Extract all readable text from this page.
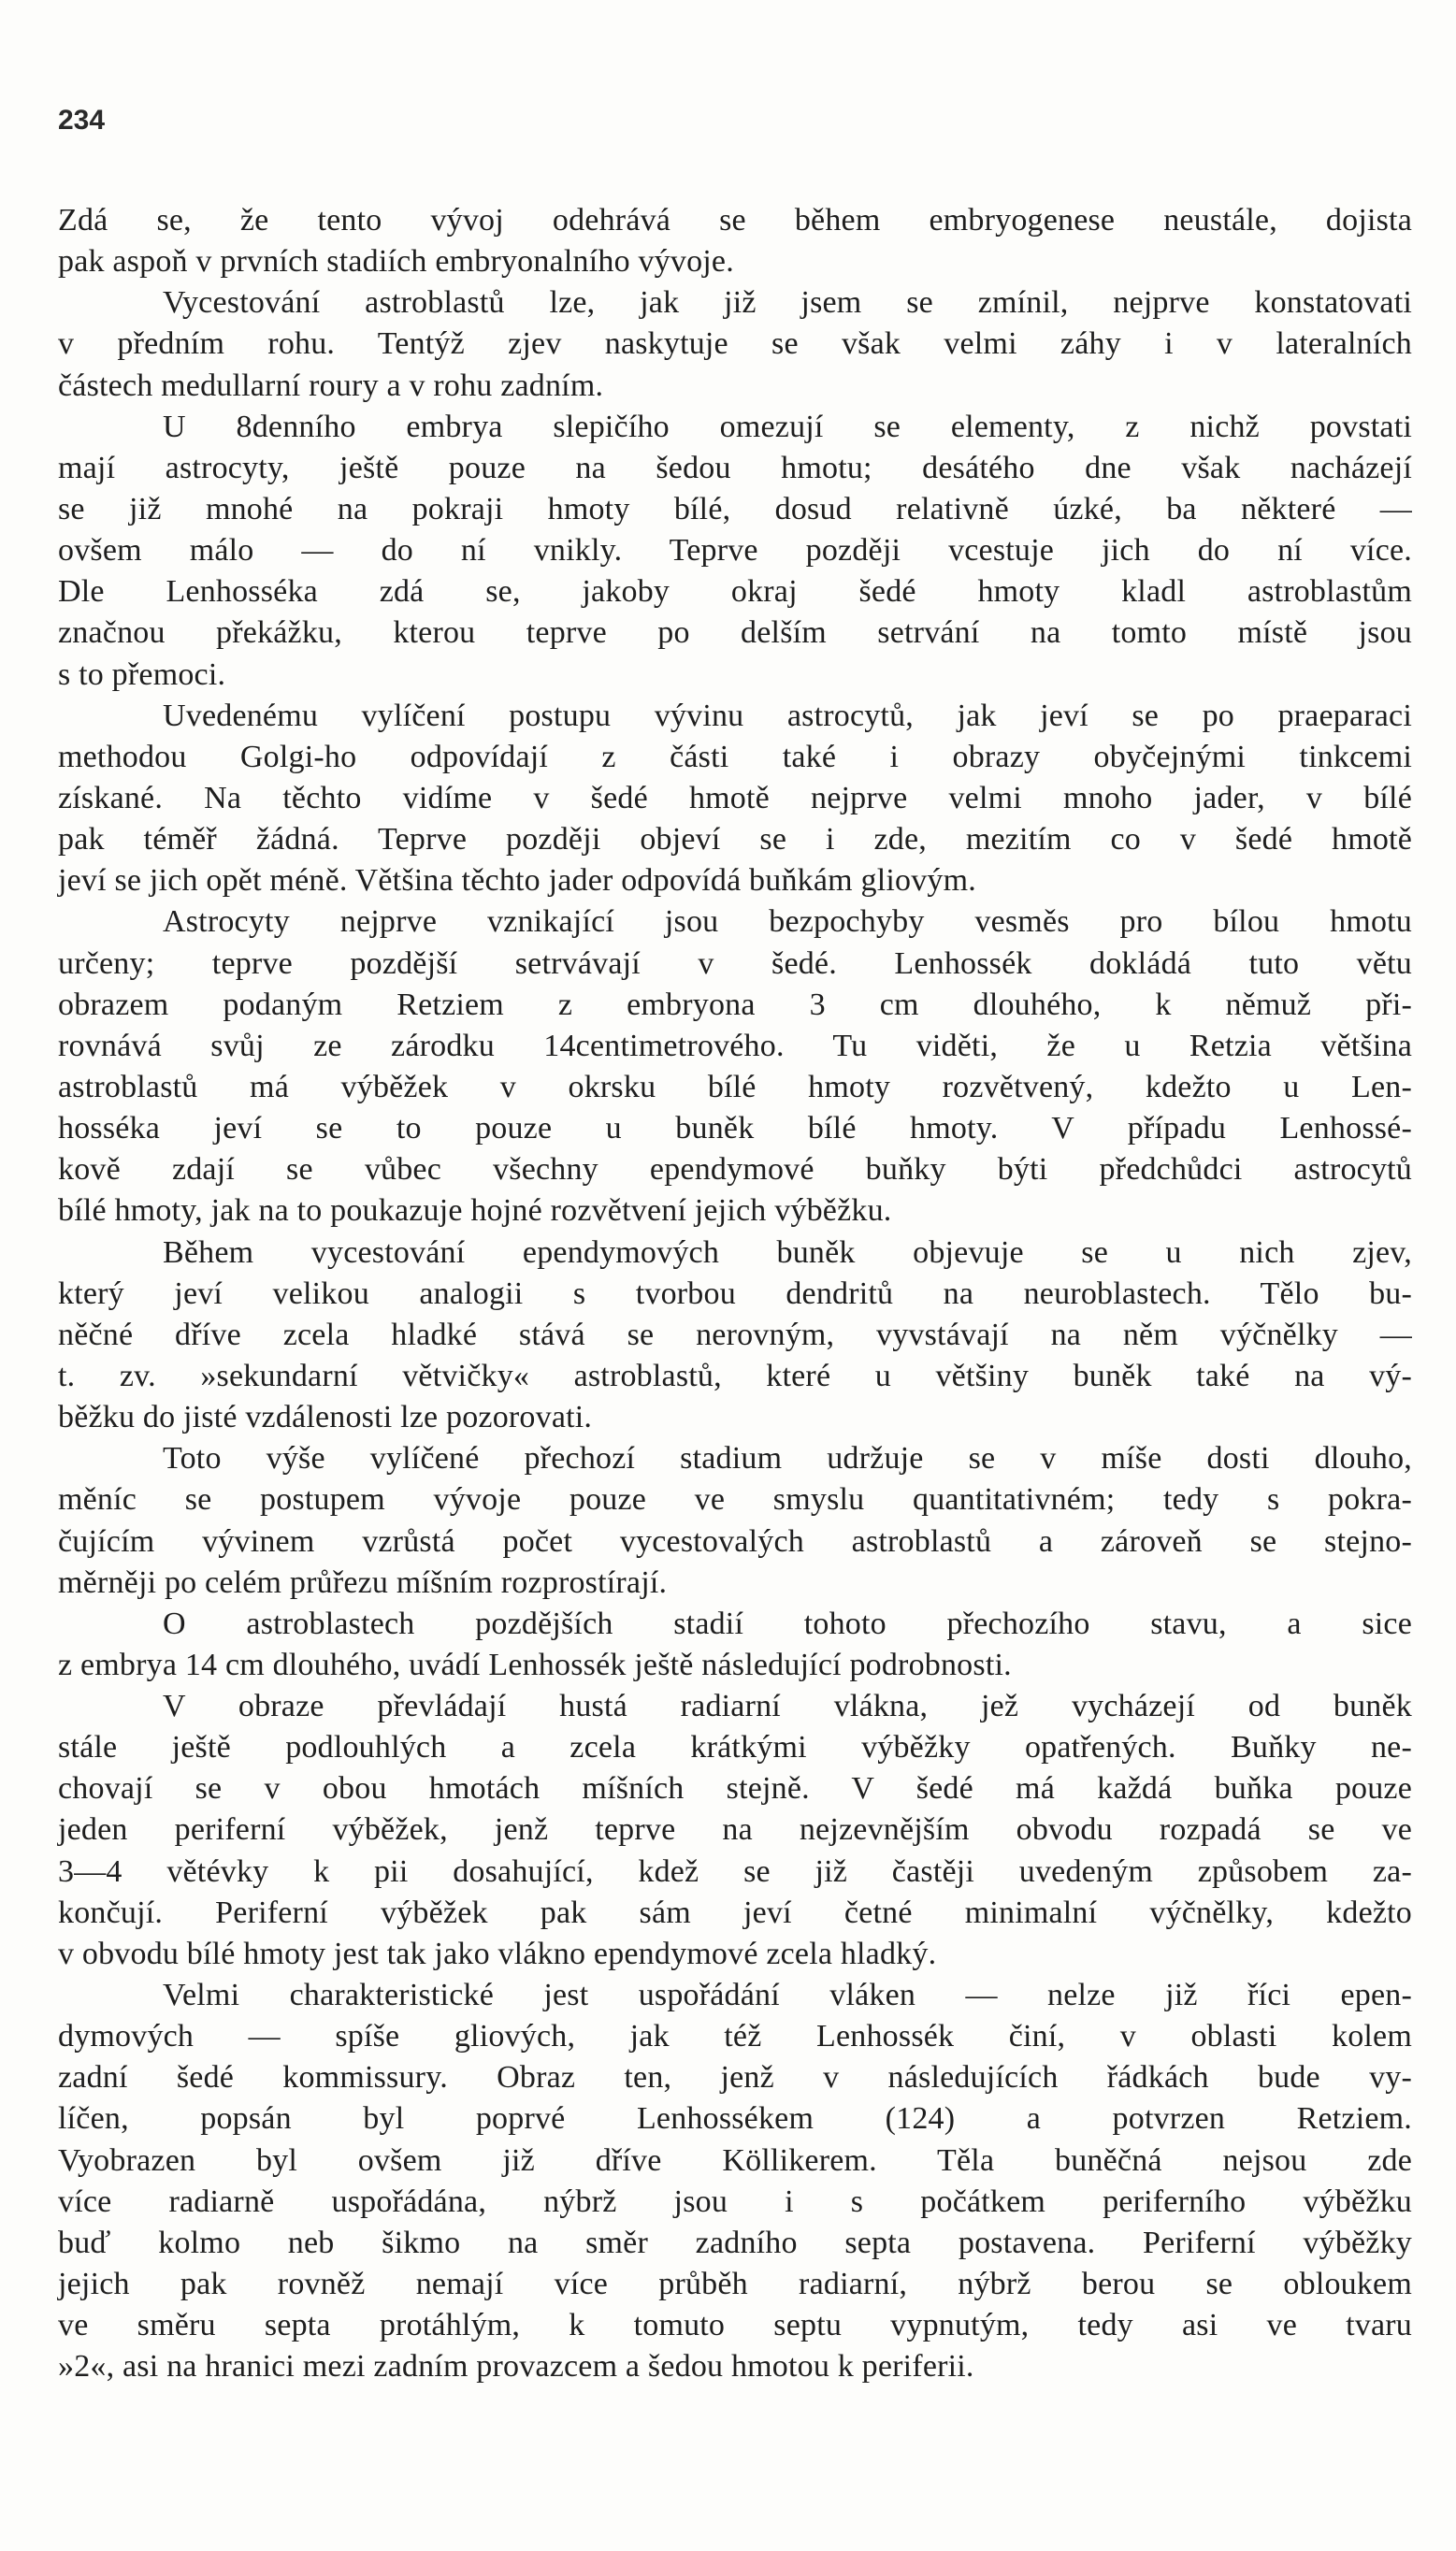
234
Zdá se, že tento vývoj odehrává se během embryogenese neustále, dojista
pak aspoň v prvních stadiích embryonalního vývoje.
Vycestování astroblastů lze, jak již jsem se zmínil, nejprve konstatovati
v předním rohu. Tentýž zjev naskytuje se však velmi záhy i v lateralních
částech medullarní roury a v rohu zadním.
U 8denního embrya slepičího omezují se elementy, z nichž povstati
mají astrocyty, ještě pouze na šedou hmotu; desátého dne však nacházejí
se již mnohé na pokraji hmoty bílé, dosud relativně úzké, ba některé —
ovšem málo — do ní vnikly. Teprve později vcestuje jich do ní více.
Dle Lenhosséka zdá se, jakoby okraj šedé hmoty kladl astroblastům
značnou překážku, kterou teprve po delším setrvání na tomto místě jsou
s to přemoci.
Uvedenému vylíčení postupu vývinu astrocytů, jak jeví se po praeparaci
methodou Golgi-ho odpovídají z části také i obrazy obyčejnými tinkcemi
získané. Na těchto vidíme v šedé hmotě nejprve velmi mnoho jader, v bílé
pak téměř žádná. Teprve později objeví se i zde, mezitím co v šedé hmotě
jeví se jich opět méně. Většina těchto jader odpovídá buňkám gliovým.
Astrocyty nejprve vznikající jsou bezpochyby vesměs pro bílou hmotu
určeny; teprve pozdější setrvávají v šedé. Lenhossék dokládá tuto větu
obrazem podaným Retziem z embryona 3 cm dlouhého, k němuž při-
rovnává svůj ze zárodku 14centimetrového. Tu viděti, že u Retzia většina
astroblastů má výběžek v okrsku bílé hmoty rozvětvený, kdežto u Len-
hosséka jeví se to pouze u buněk bílé hmoty. V případu Lenhossé-
kově zdají se vůbec všechny ependymové buňky býti předchůdci astrocytů
bílé hmoty, jak na to poukazuje hojné rozvětvení jejich výběžku.
Během vycestování ependymových buněk objevuje se u nich zjev,
který jeví velikou analogii s tvorbou dendritů na neuroblastech. Tělo bu-
něčné dříve zcela hladké stává se nerovným, vyvstávají na něm výčnělky —
t. zv. »sekundarní větvičky« astroblastů, které u většiny buněk také na vý-
běžku do jisté vzdálenosti lze pozorovati.
Toto výše vylíčené přechozí stadium udržuje se v míše dosti dlouho,
měníc se postupem vývoje pouze ve smyslu quantitativném; tedy s pokra-
čujícím vývinem vzrůstá počet vycestovalých astroblastů a zároveň se stejno-
měrněji po celém průřezu míšním rozprostírají.
O astroblastech pozdějších stadií tohoto přechozího stavu, a sice
z embrya 14 cm dlouhého, uvádí Lenhossék ještě následující podrobnosti.
V obraze převládají hustá radiarní vlákna, jež vycházejí od buněk
stále ještě podlouhlých a zcela krátkými výběžky opatřených. Buňky ne-
chovají se v obou hmotách míšních stejně. V šedé má každá buňka pouze
jeden periferní výběžek, jenž teprve na nejzevnějším obvodu rozpadá se ve
3—4 větévky k pii dosahující, kdež se již častěji uvedeným způsobem za-
končují. Periferní výběžek pak sám jeví četné minimalní výčnělky, kdežto
v obvodu bílé hmoty jest tak jako vlákno ependymové zcela hladký.
Velmi charakteristické jest uspořádání vláken — nelze již říci epen-
dymových — spíše gliových, jak též Lenhossék činí, v oblasti kolem
zadní šedé kommissury. Obraz ten, jenž v následujících řádkách bude vy-
líčen, popsán byl poprvé Lenhossékem (124) a potvrzen Retziem.
Vyobrazen byl ovšem již dříve Köllikerem. Těla buněčná nejsou zde
více radiarně uspořádána, nýbrž jsou i s počátkem periferního výběžku
buď kolmo neb šikmo na směr zadního septa postavena. Periferní výběžky
jejich pak rovněž nemají více průběh radiarní, nýbrž berou se obloukem
ve směru septa protáhlým, k tomuto septu vypnutým, tedy asi ve tvaru
»2«, asi na hranici mezi zadním provazcem a šedou hmotou k periferii.
